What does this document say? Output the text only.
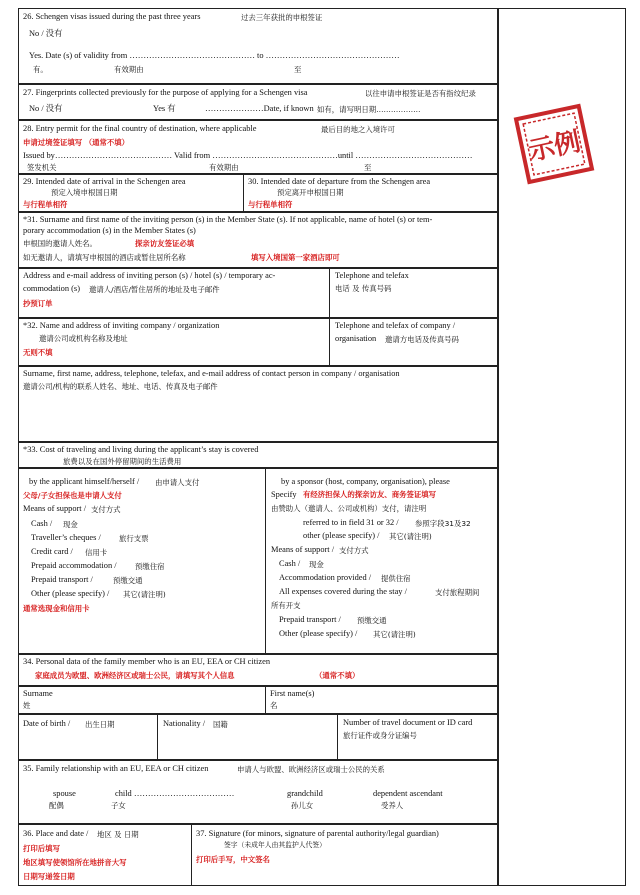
26. Schengen visas issued during the past three years	过去三年获批的申根签证
No / 没有
Yes. Date (s) of validity from ……………………………………… to …………………………………………
有。	有效期由	至
27. Fingerprints collected previously for the purpose of applying for a Schengen visa	以往申请申根签证是否有指纹纪录
No / 没有	Yes 有	…………………Date, if known 如有，请写明日期………………
28. Entry permit for the final country of destination, where applicable	最后目的地之入境许可
申请过境签证填写 （通常不填）
Issued by…………………………………… Valid from ………………………………………until ……………………………………
签发机关	有效期由	至
29. Intended date of arrival in the Schengen area
预定入境申根国日期
与行程单相符
30. Intended date of departure from the Schengen area
预定离开申根国日期
与行程单相符
*31. Surname and first name of the inviting person (s) in the Member State (s). If not applicable, name of hotel (s) or tem-
porary accommodation (s) in the Member States (s)
申根国的邀请人姓名。	探亲访友签证必填
如无邀请人，请填写申根国的酒店或暂住居所名称	填写入境国第一家酒店即可
Address and e-mail address of inviting person (s) / hotel (s) / temporary ac-
commodation (s) 邀请人/酒店/暂住居所的地址及电子邮件
抄预订单
Telephone and telefax
电话 及 传真号码
*32. Name and address of inviting company / organization
邀请公司或机构名称及地址
无则不填
Telephone and telefax of company /
organisation 邀请方电话及传真号码
Surname, first name, address, telephone, telefax, and e-mail address of contact person in company / organisation
邀请公司/机构的联系人姓名、地址、电话、传真及电子邮件
*33. Cost of traveling and living during the applicant’s stay is covered
旅费以及在国外停留期间的生活费用
by the applicant himself/herself / 由申请人支付
父母/子女担保也是申请人支付
Means of support / 支付方式
Cash / 现金
Traveller’s cheques / 旅行支票
Credit card / 信用卡
Prepaid accommodation / 预缴住宿
Prepaid transport /	预缴交通
Other (please specify) / 其它(请注明)
通常选现金和信用卡
by a sponsor (host, company, organisation), please
Specify 有经济担保人的探亲访友、商务签证填写
由赞助人（邀请人、公司或机构）支付，请注明
referred to in field 31 or 32 / 参照字段31及32
other (please specify) / 其它(请注明)
Means of support / 支付方式
Cash / 现金
Accommodation provided / 提供住宿
All expenses covered during the stay /	支付旅程期间
所有开支
Prepaid transport / 预缴交通
Other (please specify) / 其它(请注明)
34. Personal data of the family member who is an EU, EEA or CH citizen
家庭成员为欧盟、欧洲经济区或瑞士公民，请填写其个人信息	（通常不填）
Surname
姓
First name(s)
名
Date of birth / 出生日期	Nationality / 国籍	Number of travel document or ID card
旅行证件或身分证编号
35. Family relationship with an EU, EEA or CH citizen	申请人与欧盟、欧洲经济区或瑞士公民的关系
spouse
配偶
child ………………………………
子女
grandchild
孙儿女
dependent ascendant
受养人
36. Place and date / 地区 及 日期
打印后填写
地区填写使领馆所在地拼音大写
日期写递签日期
37. Signature (for minors, signature of parental authority/legal guardian)
签字（未成年人由其监护人代签）
打印后手写，中文签名
示例
